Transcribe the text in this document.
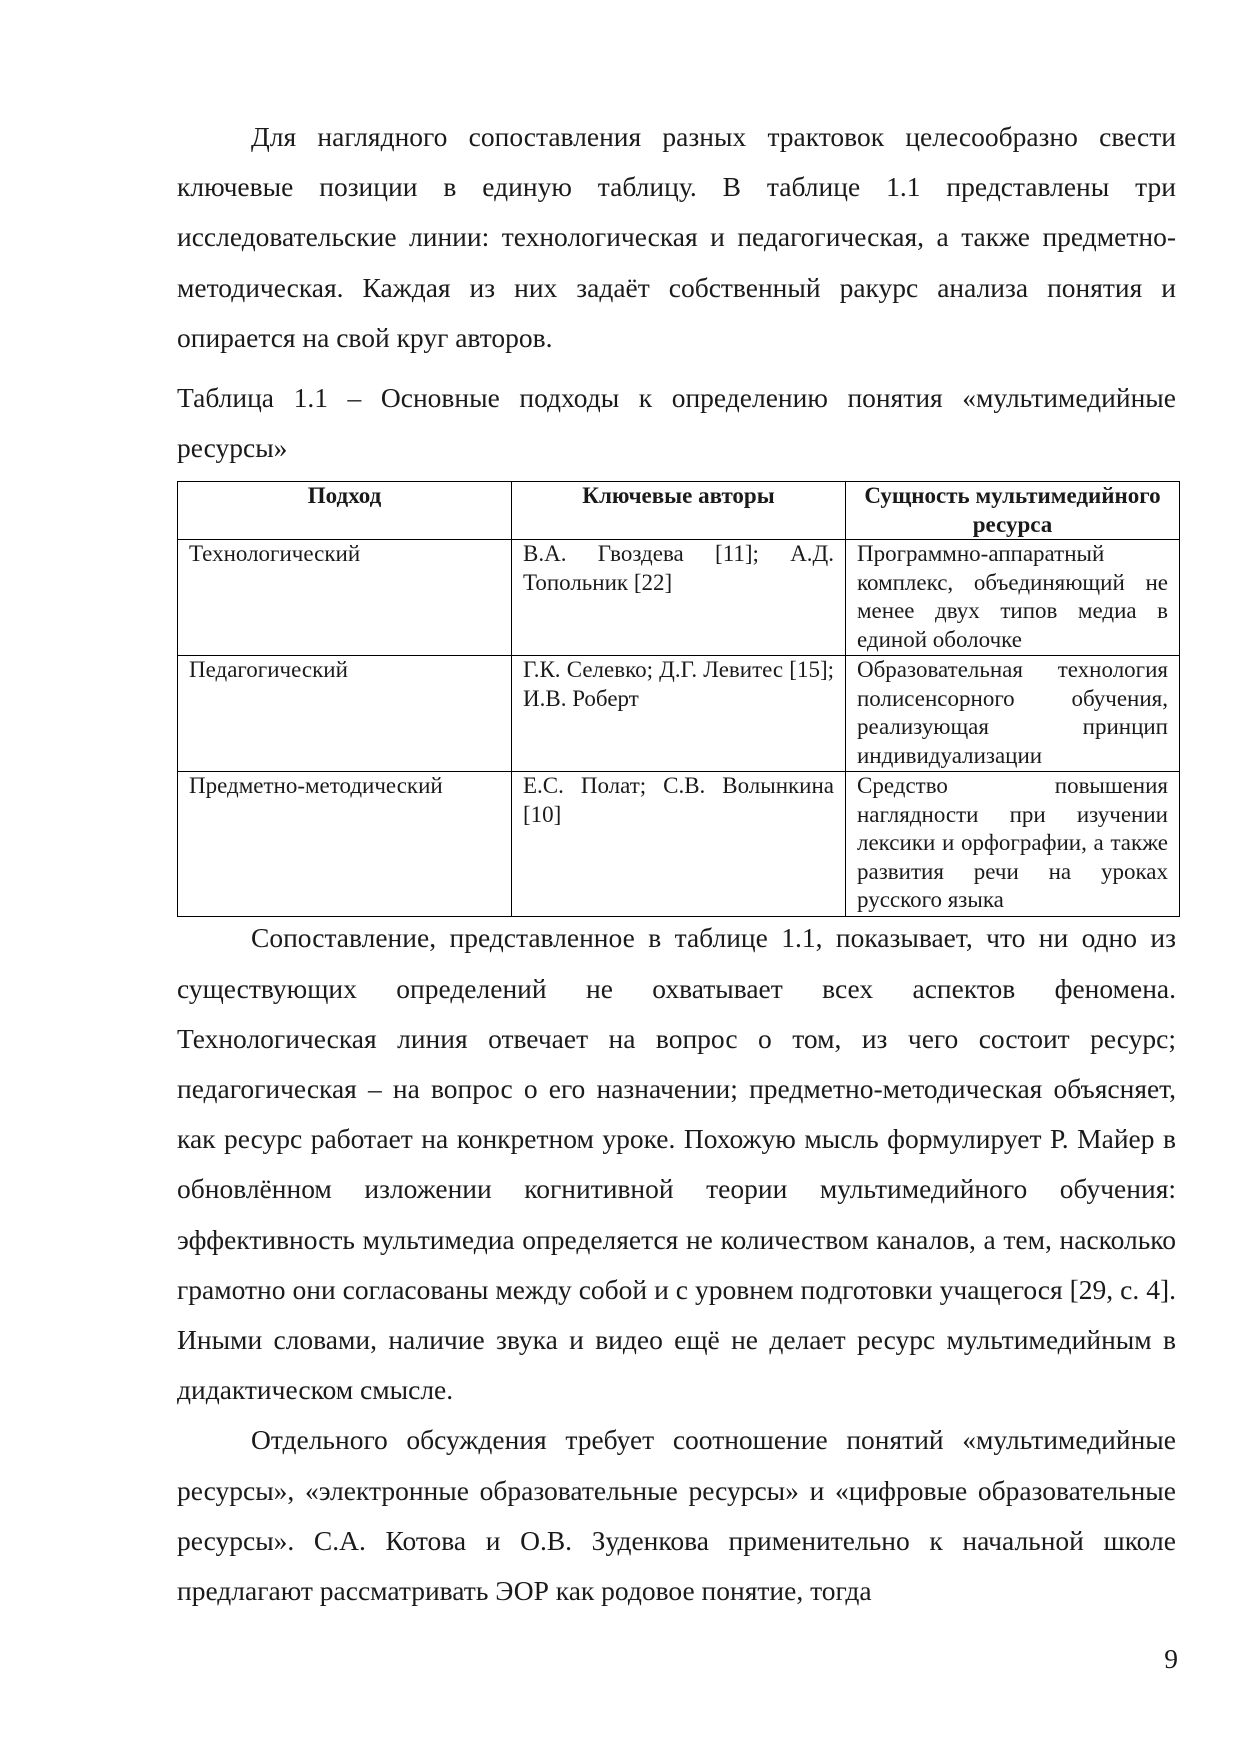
Для наглядного сопоставления разных трактовок целесообразно свести ключевые позиции в единую таблицу. В таблице 1.1 представлены три исследовательские линии: технологическая и педагогическая, а также предметно-методическая. Каждая из них задаёт собственный ракурс анализа понятия и опирается на свой круг авторов.

Таблица 1.1 – Основные подходы к определению понятия «мультимедийные ресурсы»

Подход	Ключевые авторы	Сущность мультимедийного ресурса
Технологический	В.А. Гвоздева [11]; А.Д. Топольник [22]	Программно-аппаратный комплекс, объединяющий не менее двух типов медиа в единой оболочке
Педагогический	Г.К. Селевко; Д.Г. Левитес [15]; И.В. Роберт	Образовательная технология полисенсорного обучения, реализующая принцип индивидуализации
Предметно-методический	Е.С. Полат; С.В. Волынкина [10]	Средство повышения наглядности при изучении лексики и орфографии, а также развития речи на уроках русского языка

Сопоставление, представленное в таблице 1.1, показывает, что ни одно из существующих определений не охватывает всех аспектов феномена. Технологическая линия отвечает на вопрос о том, из чего состоит ресурс; педагогическая – на вопрос о его назначении; предметно-методическая объясняет, как ресурс работает на конкретном уроке. Похожую мысль формулирует Р. Майер в обновлённом изложении когнитивной теории мультимедийного обучения: эффективность мультимедиа определяется не количеством каналов, а тем, насколько грамотно они согласованы между собой и с уровнем подготовки учащегося [29, с. 4]. Иными словами, наличие звука и видео ещё не делает ресурс мультимедийным в дидактическом смысле.

Отдельного обсуждения требует соотношение понятий «мультимедийные ресурсы», «электронные образовательные ресурсы» и «цифровые образовательные ресурсы». С.А. Котова и О.В. Зуденкова применительно к начальной школе предлагают рассматривать ЭОР как родовое понятие, тогда

9
